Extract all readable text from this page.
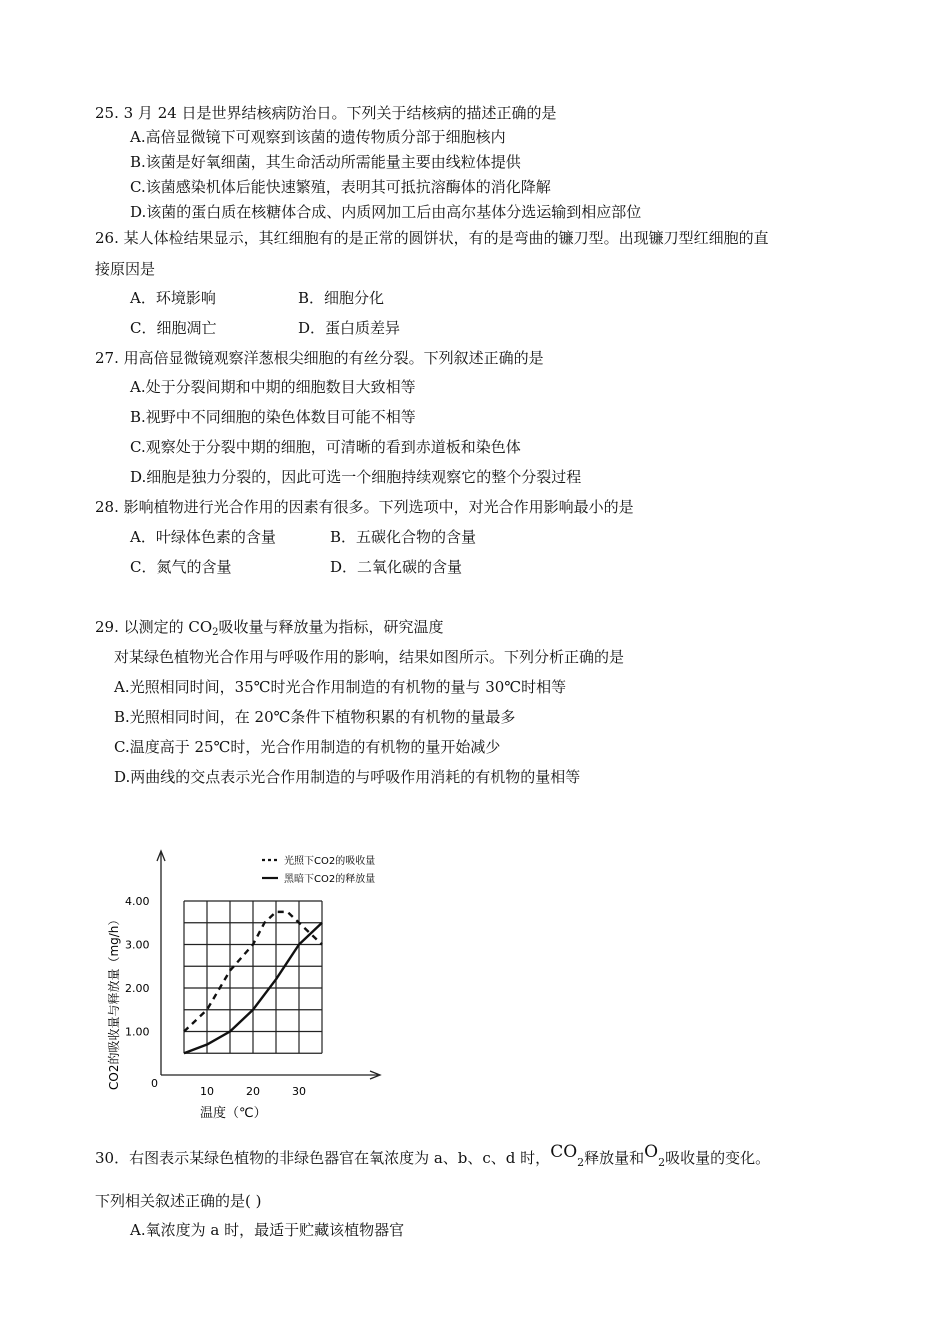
25. 3 月 24 日是世界结核病防治日。下列关于结核病的描述正确的是
A.高倍显微镜下可观察到该菌的遗传物质分部于细胞核内
B.该菌是好氧细菌，其生命活动所需能量主要由线粒体提供
C.该菌感染机体后能快速繁殖，表明其可抵抗溶酶体的消化降解
D.该菌的蛋白质在核糖体合成、内质网加工后由高尔基体分选运输到相应部位
26. 某人体检结果显示，其红细胞有的是正常的圆饼状，有的是弯曲的镰刀型。出现镰刀型红细胞的直
接原因是
A．环境影响	B．细胞分化
C．细胞凋亡	D．蛋白质差异
27. 用高倍显微镜观察洋葱根尖细胞的有丝分裂。下列叙述正确的是
A.处于分裂间期和中期的细胞数目大致相等
B.视野中不同细胞的染色体数目可能不相等
C.观察处于分裂中期的细胞，可清晰的看到赤道板和染色体
D.细胞是独力分裂的，因此可选一个细胞持续观察它的整个分裂过程
28. 影响植物进行光合作用的因素有很多。下列选项中，对光合作用影响最小的是
A．叶绿体色素的含量	B．五碳化合物的含量
C．氮气的含量	D．二氧化碳的含量
29. 以测定的 $CO_2$吸收量与释放量为指标，研究温度
对某绿色植物光合作用与呼吸作用的影响，结果如图所示。下列分析正确的是
A.光照相同时间，35℃时光合作用制造的有机物的量与 30℃时相等
B.光照相同时间，在 20℃条件下植物积累的有机物的量最多
C.温度高于 25℃时，光合作用制造的有机物的量开始减少
D.两曲线的交点表示光合作用制造的与呼吸作用消耗的有机物的量相等
1.00
2.00
3.00
4.00
0
10	20	30
光照下CO2的吸收量
黑暗下CO2的释放量
温度（℃）
CO2的吸收量与释放量（mg/h）
30．右图表示某绿色植物的非绿色器官在氧浓度为 a、b、c、d 时，$CO_2$释放量和$O_2$吸收量的变化。
下列相关叙述正确的是( )
A.氧浓度为 a 时，最适于贮藏该植物器官
